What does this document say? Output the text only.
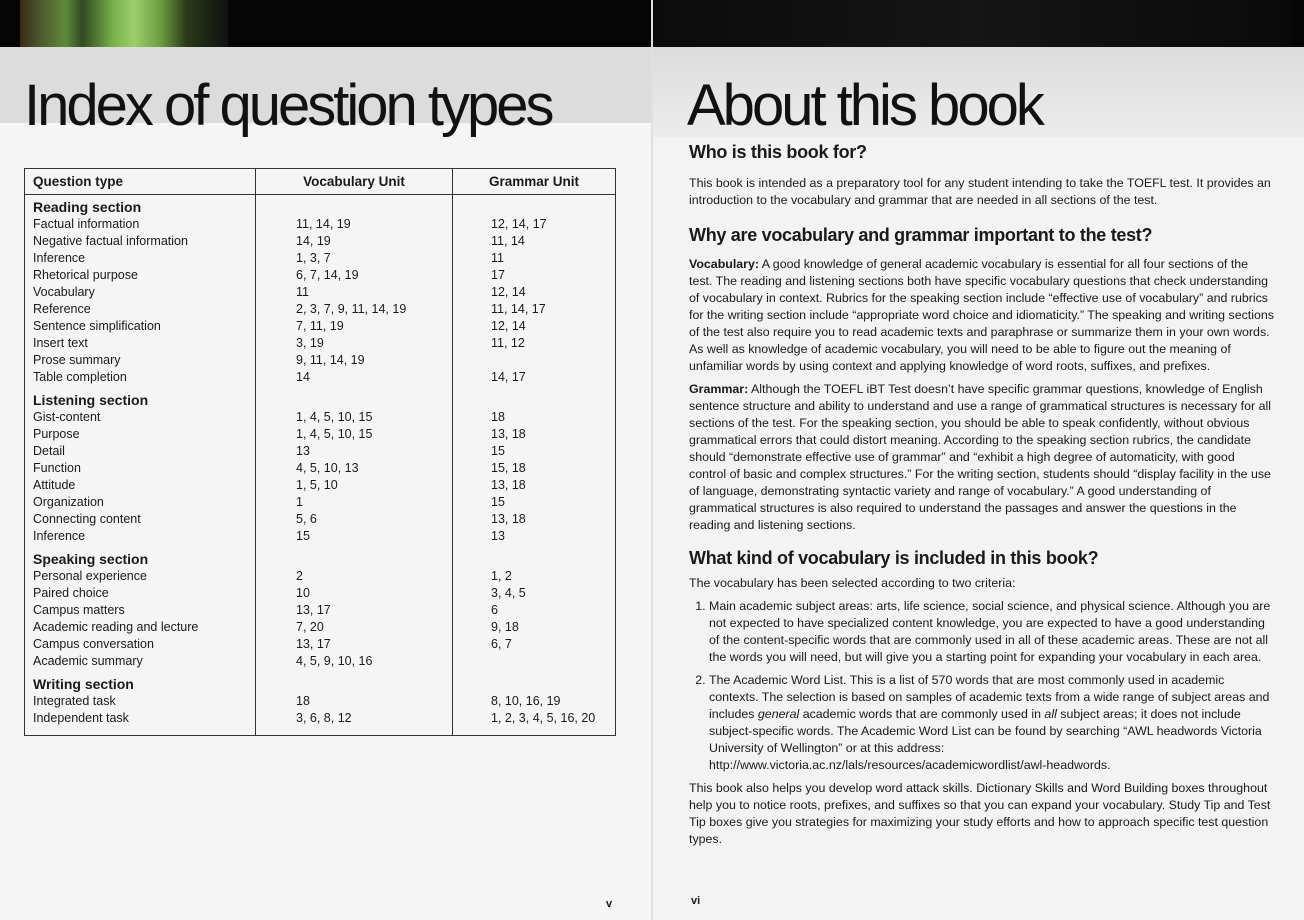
Index of question types
Question type	Vocabulary Unit	Grammar Unit
Reading section		
Factual information	11, 14, 19	12, 14, 17
Negative factual information	14, 19	11, 14
Inference	1, 3, 7	11
Rhetorical purpose	6, 7, 14, 19	17
Vocabulary	11	12, 14
Reference	2, 3, 7, 9, 11, 14, 19	11, 14, 17
Sentence simplification	7, 11, 19	12, 14
Insert text	3, 19	11, 12
Prose summary	9, 11, 14, 19	
Table completion	14	14, 17
Listening section		
Gist-content	1, 4, 5, 10, 15	18
Purpose	1, 4, 5, 10, 15	13, 18
Detail	13	15
Function	4, 5, 10, 13	15, 18
Attitude	1, 5, 10	13, 18
Organization	1	15
Connecting content	5, 6	13, 18
Inference	15	13
Speaking section		
Personal experience	2	1, 2
Paired choice	10	3, 4, 5
Campus matters	13, 17	6
Academic reading and lecture	7, 20	9, 18
Campus conversation	13, 17	6, 7
Academic summary	4, 5, 9, 10, 16	
Writing section		
Integrated task	18	8, 10, 16, 19
Independent task	3, 6, 8, 12	1, 2, 3, 4, 5, 16, 20
v
About this book
Who is this book for?

This book is intended as a preparatory tool for any student intending to take the TOEFL test. It provides an introduction to the vocabulary and grammar that are needed in all sections of the test.

Why are vocabulary and grammar important to the test?

Vocabulary: A good knowledge of general academic vocabulary is essential for all four sections of the test. The reading and listening sections both have specific vocabulary questions that check understanding of vocabulary in context. Rubrics for the speaking section include “effective use of vocabulary” and rubrics for the writing section include “appropriate word choice and idiomaticity.” The speaking and writing sections of the test also require you to read academic texts and paraphrase or summarize them in your own words. As well as knowledge of academic vocabulary, you will need to be able to figure out the meaning of unfamiliar words by using context and applying knowledge of word roots, suffixes, and prefixes.

Grammar: Although the TOEFL iBT Test doesn’t have specific grammar questions, knowledge of English sentence structure and ability to understand and use a range of grammatical structures is necessary for all sections of the test. For the speaking section, you should be able to speak confidently, without obvious grammatical errors that could distort meaning. According to the speaking section rubrics, the candidate should “demonstrate effective use of grammar” and “exhibit a high degree of automaticity, with good control of basic and complex structures.” For the writing section, students should “display facility in the use of language, demonstrating syntactic variety and range of vocabulary.” A good understanding of grammatical structures is also required to understand the passages and answer the questions in the reading and listening sections.

What kind of vocabulary is included in this book?

The vocabulary has been selected according to two criteria:

1. Main academic subject areas: arts, life science, social science, and physical science. Although you are not expected to have specialized content knowledge, you are expected to have a good understanding of the content-specific words that are commonly used in all of these academic areas. These are not all the words you will need, but will give you a starting point for expanding your vocabulary in each area.
2. The Academic Word List. This is a list of 570 words that are most commonly used in academic contexts. The selection is based on samples of academic texts from a wide range of subject areas and includes general academic words that are commonly used in all subject areas; it does not include subject-specific words. The Academic Word List can be found by searching “AWL headwords Victoria University of Wellington” or at this address: http://www.victoria.ac.nz/lals/resources/academicwordlist/awl-headwords.

This book also helps you develop word attack skills. Dictionary Skills and Word Building boxes throughout help you to notice roots, prefixes, and suffixes so that you can expand your vocabulary. Study Tip and Test Tip boxes give you strategies for maximizing your study efforts and how to approach specific test question types.

vi
